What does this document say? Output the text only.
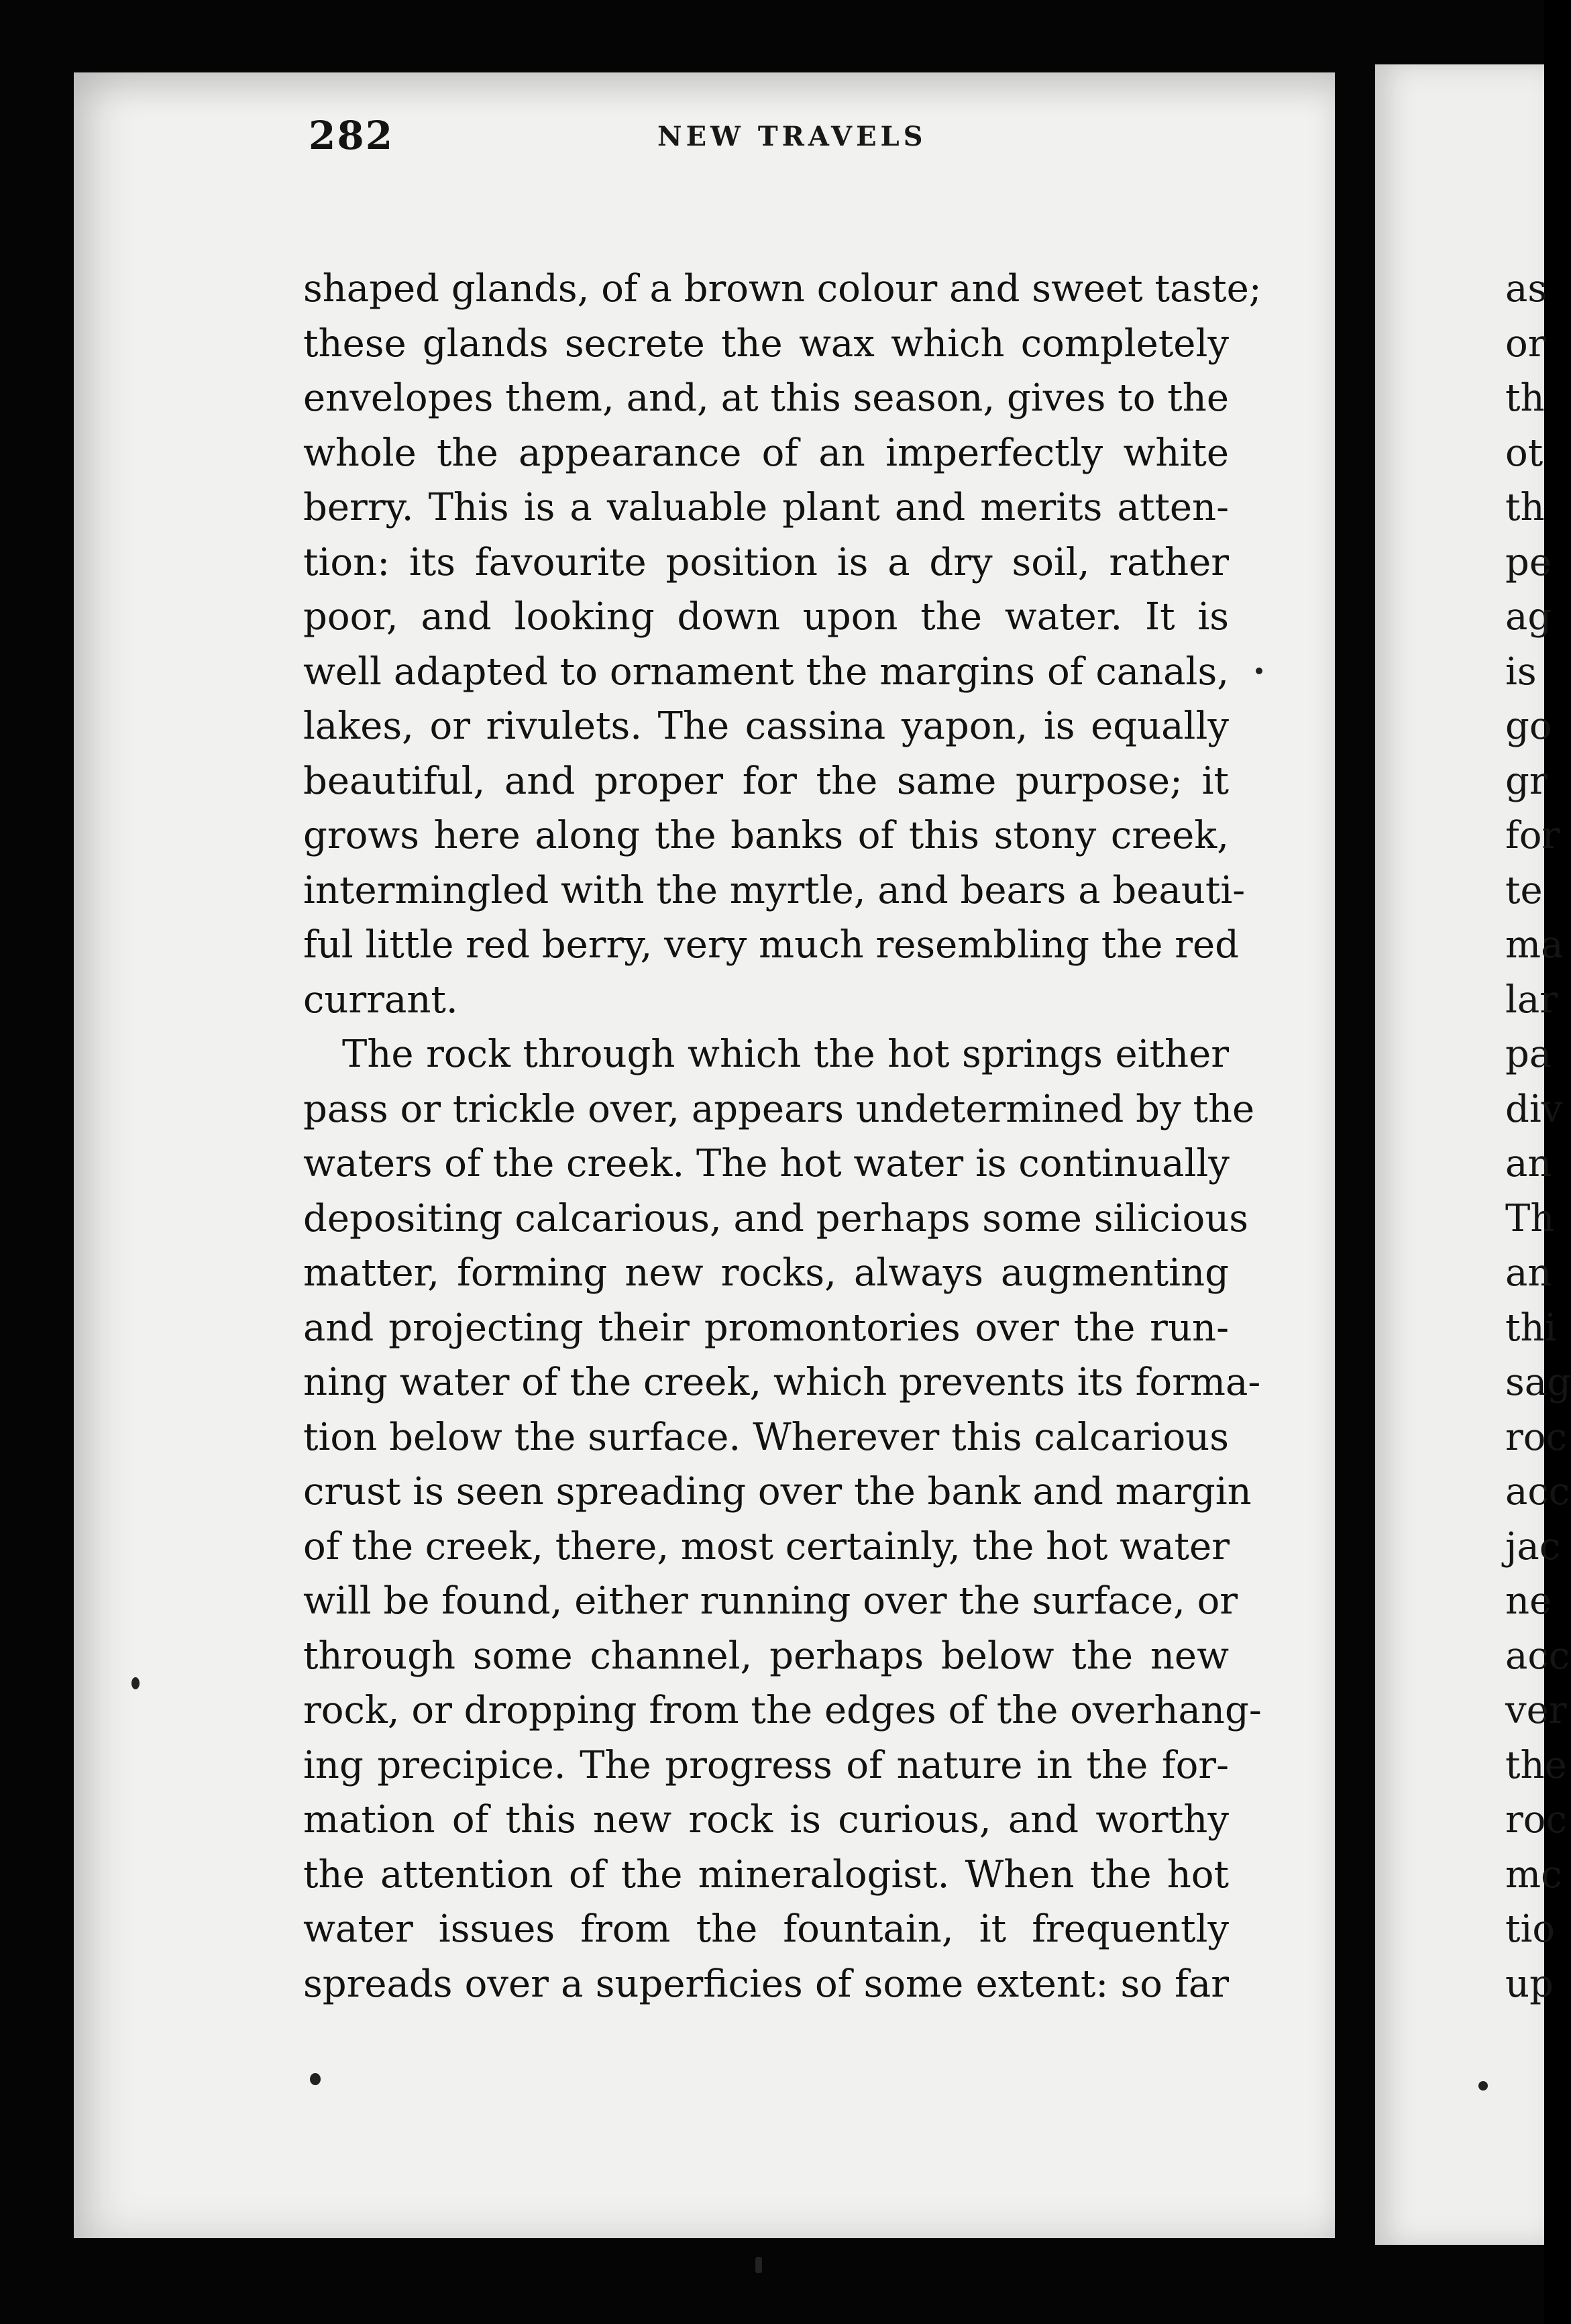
282	NEW TRAVELS
shaped glands, of a brown colour and sweet taste;
these glands secrete the wax which completely
envelopes them, and, at this season, gives to the
whole the appearance of an imperfectly white
berry. This is a valuable plant and merits atten-
tion: its favourite position is a dry soil, rather
poor, and looking down upon the water. It is
well adapted to ornament the margins of canals,
lakes, or rivulets. The cassina yapon, is equally
beautiful, and proper for the same purpose; it
grows here along the banks of this stony creek,
intermingled with the myrtle, and bears a beauti-
ful little red berry, very much resembling the red
currant.
The rock through which the hot springs either
pass or trickle over, appears undetermined by the
waters of the creek. The hot water is continually
depositing calcarious, and perhaps some silicious
matter, forming new rocks, always augmenting
and projecting their promontories over the run-
ning water of the creek, which prevents its forma-
tion below the surface. Wherever this calcarious
crust is seen spreading over the bank and margin
of the creek, there, most certainly, the hot water
will be found, either running over the surface, or
through some channel, perhaps below the new
rock, or dropping from the edges of the overhang-
ing precipice. The progress of nature in the for-
mation of this new rock is curious, and worthy
the attention of the mineralogist. When the hot
water issues from the fountain, it frequently
spreads over a superficies of some extent: so far
as
or
th
ot
th
pe
ag
is
go
gr
for
te
ma
lar
pa
div
an
Th
an
thi
sag
roc
acc
jac
ne
acc
ver
the
roc
mc
tio
up
